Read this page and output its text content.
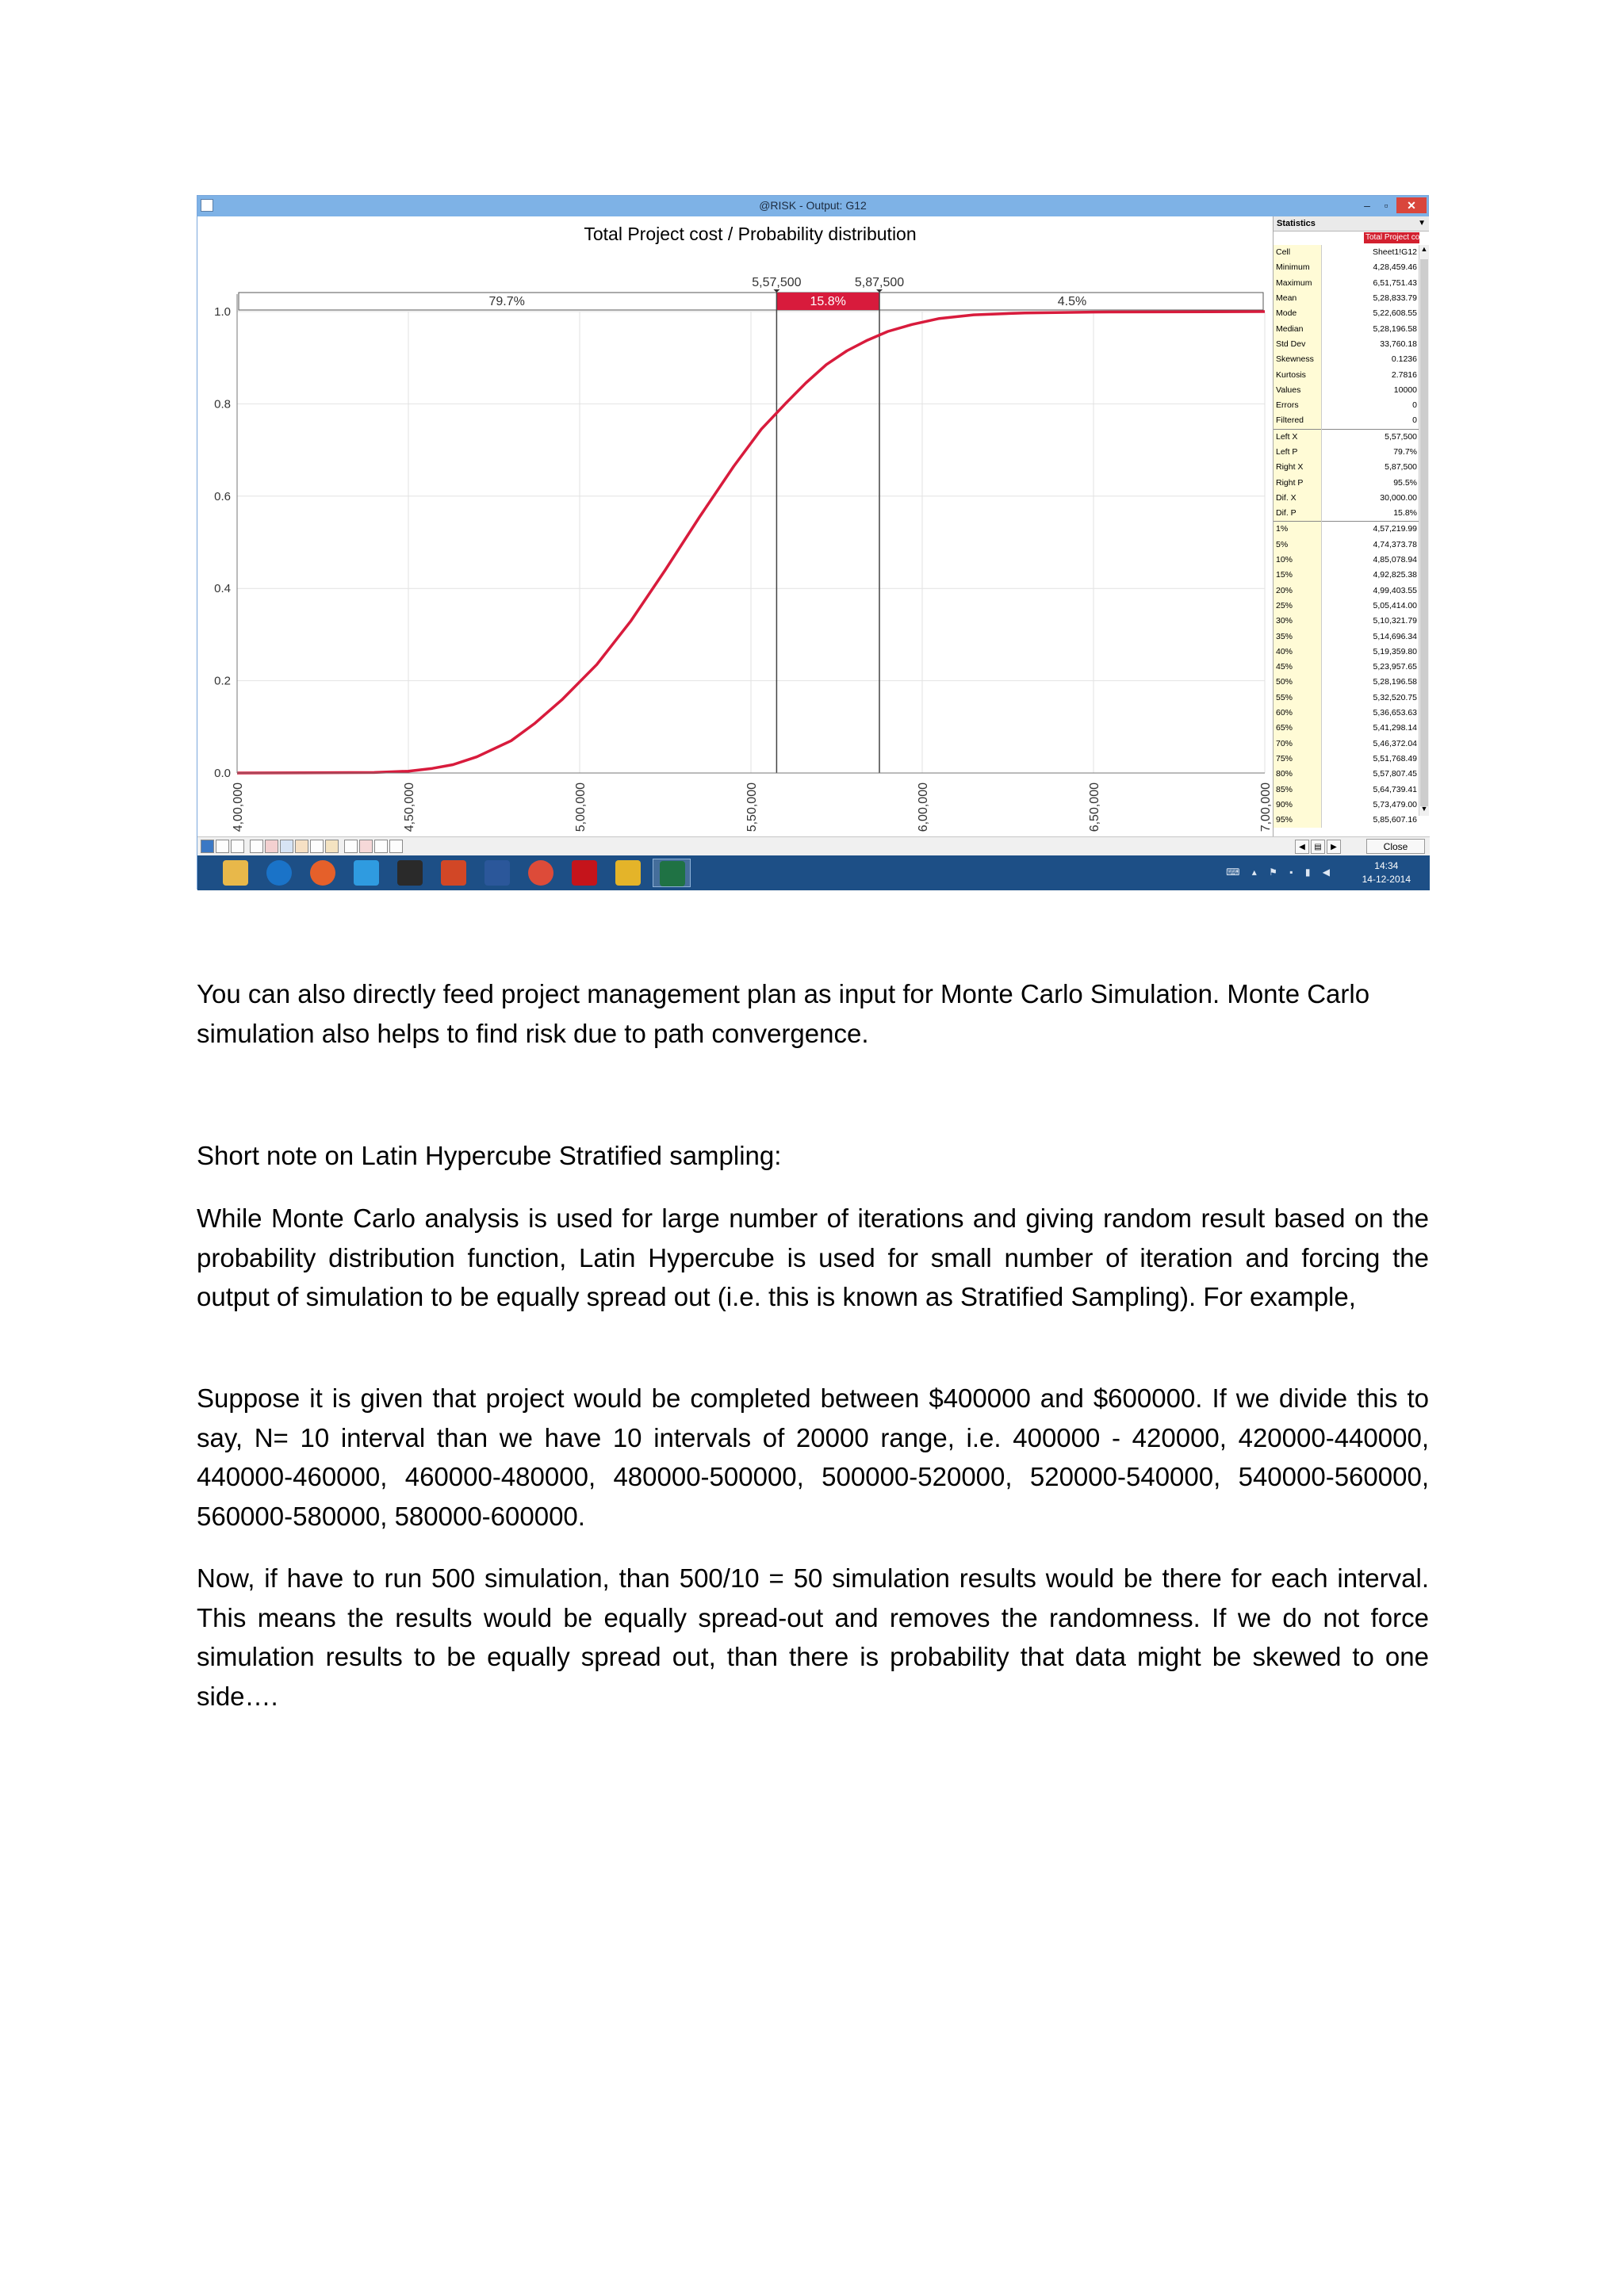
@RISK - Output: G12	–	▫	✕
Total Project cost / Probability distribution
79.7%	15.8%	4.5%
5,57,500	5,87,500
0.0
0.2
0.4
0.6
0.8
1.0
4,00,000	4,50,000	5,00,000	5,50,000	6,00,000	6,50,000	7,00,000
Statistics	▼
Total Project cost /...
Cell	Sheet1!G12
Minimum	4,28,459.46
Maximum	6,51,751.43
Mean	5,28,833.79
Mode	5,22,608.55
Median	5,28,196.58
Std Dev	33,760.18
Skewness	0.1236
Kurtosis	2.7816
Values	10000
Errors	0
Filtered	0
Left X	5,57,500
Left P	79.7%
Right X	5,87,500
Right P	95.5%
Dif. X	30,000.00
Dif. P	15.8%
1%	4,57,219.99
5%	4,74,373.78
10%	4,85,078.94
15%	4,92,825.38
20%	4,99,403.55
25%	5,05,414.00
30%	5,10,321.79
35%	5,14,696.34
40%	5,19,359.80
45%	5,23,957.65
50%	5,28,196.58
55%	5,32,520.75
60%	5,36,653.63
65%	5,41,298.14
70%	5,46,372.04
75%	5,51,768.49
80%	5,57,807.45
85%	5,64,739.41
90%	5,73,479.00
95%	5,85,607.16
▲
▼
◀	▤	▶	Close
⌨ ▴ ⚑ ▪ ▮ ◀
14:34
14-12-2014

You can also directly feed project management plan as input for Monte Carlo Simulation. Monte Carlo simulation also helps to find risk due to path convergence.

Short note on Latin Hypercube Stratified sampling:

While Monte Carlo analysis is used for large number of iterations and giving random result based on the probability distribution function, Latin Hypercube is used for small number of iteration and forcing the output of simulation to be equally spread out (i.e. this is known as Stratified Sampling). For example,

Suppose it is given that project would be completed between $400000 and $600000. If we divide this to say, N= 10 interval than we have 10 intervals of 20000 range, i.e. 400000 - 420000, 420000-440000, 440000-460000, 460000-480000, 480000-500000, 500000-520000, 520000-540000, 540000-560000, 560000-580000, 580000-600000.

Now, if have to run 500 simulation, than 500/10 = 50 simulation results would be there for each interval. This means the results would be equally spread-out and removes the randomness. If we do not force simulation results to be equally spread out, than there is probability that data might be skewed to one side….
